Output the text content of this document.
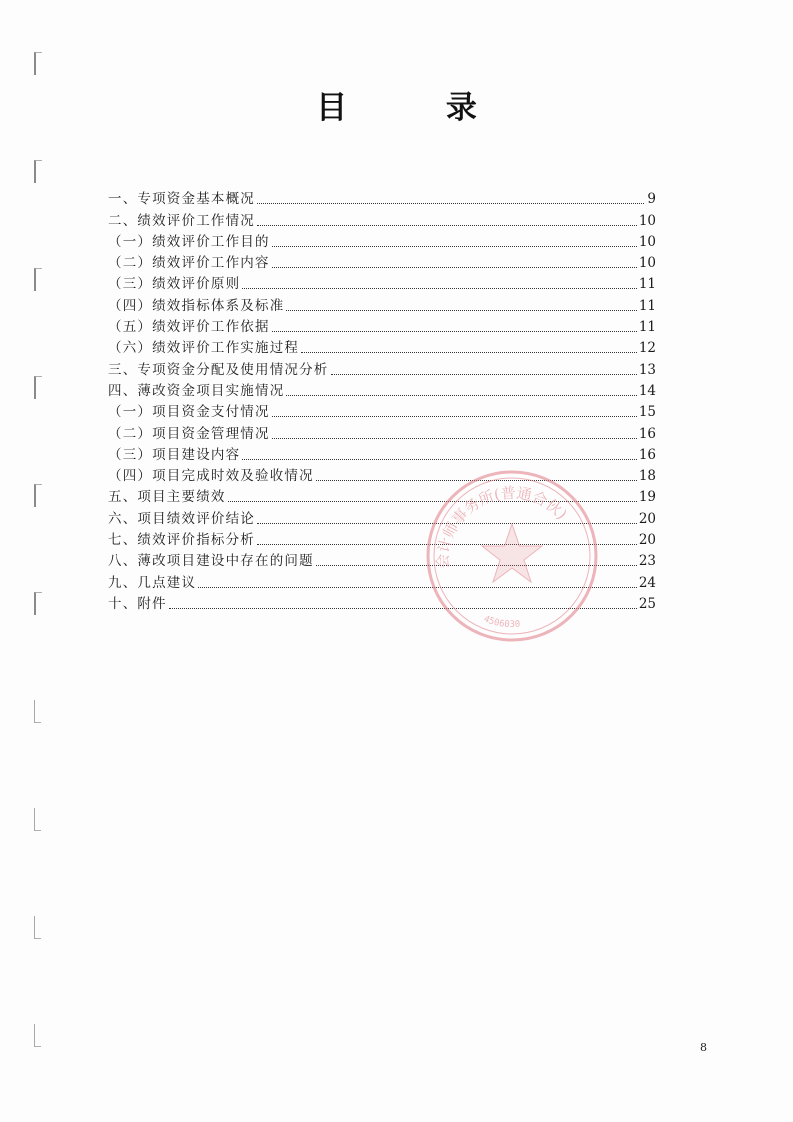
目 录
一、专项资金基本概况	9
二、绩效评价工作情况	10
（一）绩效评价工作目的	10
（二）绩效评价工作内容	10
（三）绩效评价原则	11
（四）绩效指标体系及标准	11
（五）绩效评价工作依据	11
（六）绩效评价工作实施过程	12
三、专项资金分配及使用情况分析	13
四、薄改资金项目实施情况	14
（一）项目资金支付情况	15
（二）项目资金管理情况	16
（三）项目建设内容	16
（四）项目完成时效及验收情况	18
五、项目主要绩效	19
六、项目绩效评价结论	20
七、绩效评价指标分析	20
八、薄改项目建设中存在的问题	23
九、几点建议	24
十、附件	25
会计师事务所(普通合伙)
4506030
8
